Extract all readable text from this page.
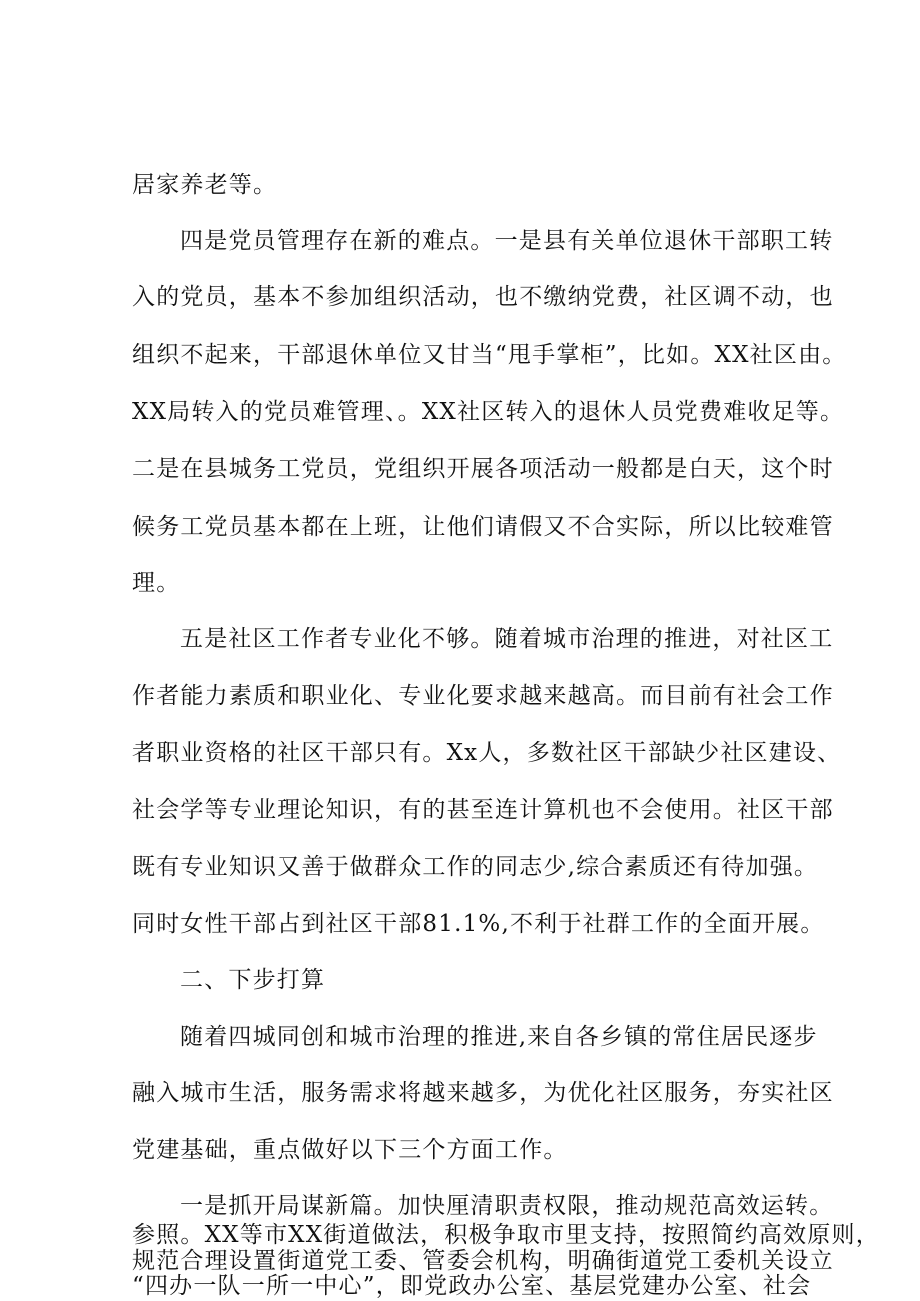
居家养老等。
四是党员管理存在新的难点。一是县有关单位退休干部职工转
入的党员，基本不参加组织活动，也不缴纳党费，社区调不动，也
组织不起来，干部退休单位又甘当“甩手掌柜”，比如。XX社区由。
XX局转入的党员难管理、。XX社区转入的退休人员党费难收足等。
二是在县城务工党员，党组织开展各项活动一般都是白天，这个时
候务工党员基本都在上班，让他们请假又不合实际，所以比较难管
理。
五是社区工作者专业化不够。随着城市治理的推进，对社区工
作者能力素质和职业化、专业化要求越来越高。而目前有社会工作
者职业资格的社区干部只有。Xx人，多数社区干部缺少社区建设、
社会学等专业理论知识，有的甚至连计算机也不会使用。社区干部
既有专业知识又善于做群众工作的同志少,综合素质还有待加强。
同时女性干部占到社区干部81.1%,不利于社群工作的全面开展。
二、下步打算
随着四城同创和城市治理的推进,来自各乡镇的常住居民逐步
融入城市生活，服务需求将越来越多，为优化社区服务，夯实社区
党建基础，重点做好以下三个方面工作。
一是抓开局谋新篇。加快厘清职责权限，推动规范高效运转。
参照。XX等市XX街道做法，积极争取市里支持，按照简约高效原则，
规范合理设置街道党工委、管委会机构，明确街道党工委机关设立
“四办一队一所一中心”，即党政办公室、基层党建办公室、社会
